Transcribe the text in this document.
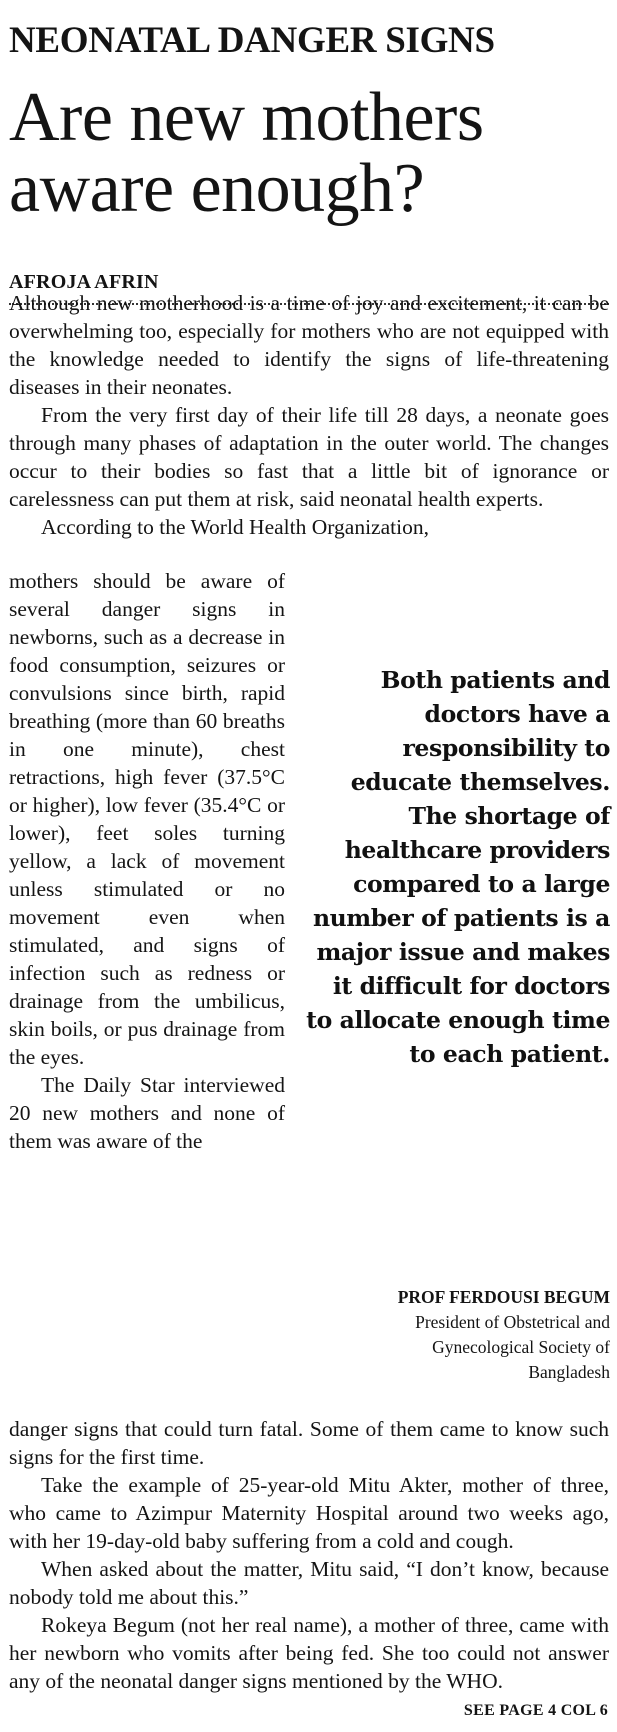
NEONATAL DANGER SIGNS
Are new mothers
aware enough?

AFROJA AFRIN

Although new motherhood is a time of joy and excitement, it can be overwhelming too, especially for mothers who are not equipped with the knowledge needed to identify the signs of life-threatening diseases in their neonates.

From the very first day of their life till 28 days, a neonate goes through many phases of adaptation in the outer world. The changes occur to their bodies so fast that a little bit of ignorance or carelessness can put them at risk, said neonatal health experts.

According to the World Health Organization,

mothers should be aware of several danger signs in newborns, such as a decrease in food consumption, seizures or convulsions since birth, rapid breathing (more than 60 breaths in one minute), chest retractions, high fever (37.5°C or higher), low fever (35.4°C or lower), feet soles turning yellow, a lack of movement unless stimulated or no movement even when stimulated, and signs of infection such as redness or drainage from the umbilicus, skin boils, or pus drainage from the eyes.

The Daily Star interviewed 20 new mothers and none of them was aware of the

danger signs that could turn fatal. Some of them came to know such signs for the first time.

Take the example of 25-year-old Mitu Akter, mother of three, who came to Azimpur Maternity Hospital around two weeks ago, with her 19-day-old baby suffering from a cold and cough.

When asked about the matter, Mitu said, “I don’t know, because nobody told me about this.”

Rokeya Begum (not her real name), a mother of three, came with her newborn who vomits after being fed. She too could not answer any of the neonatal danger signs mentioned by the WHO.

Both patients and doctors have a responsibility to educate themselves. The shortage of healthcare providers compared to a large number of patients is a major issue and makes it difficult for doctors to allocate enough time to each patient.

PROF FERDOUSI BEGUM

President of Obstetrical and
Gynecological Society of
Bangladesh

SEE PAGE 4 COL 6
